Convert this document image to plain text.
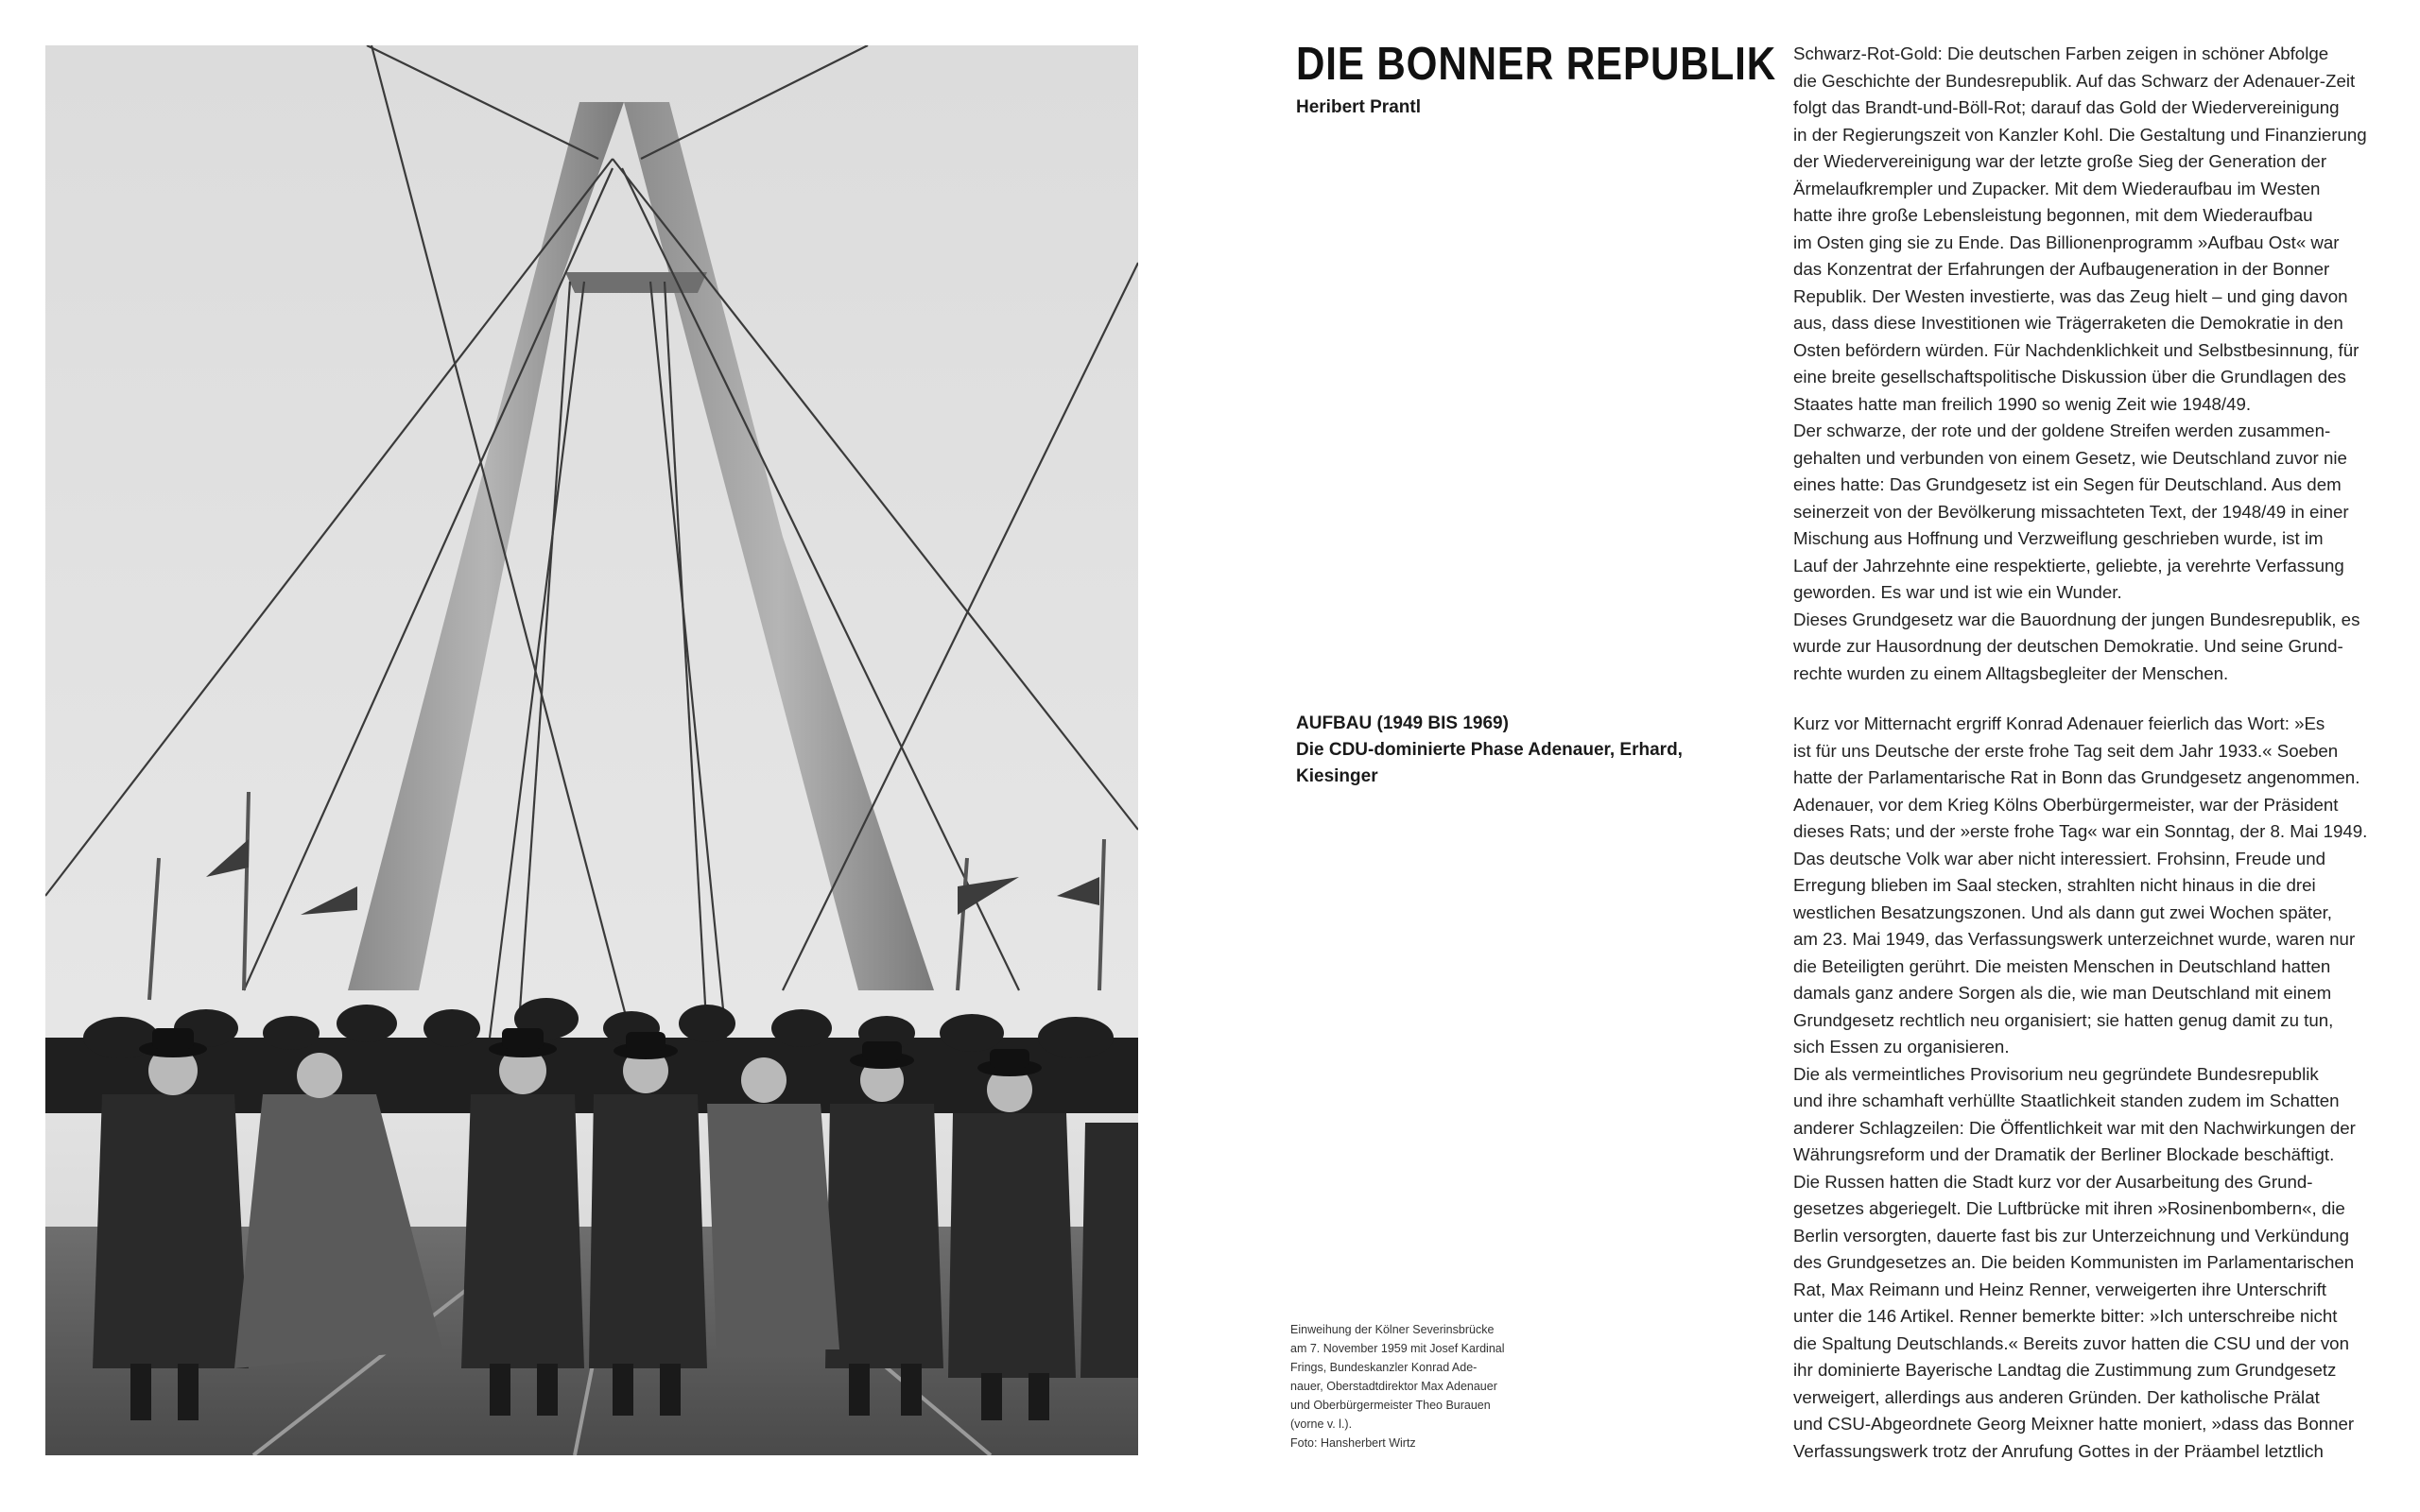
Einweihung der Kölner Severinsbrücke
am 7. November 1959 mit Josef Kardinal
Frings, Bundeskanzler Konrad Ade-
nauer, Oberstadtdirektor Max Adenauer
und Oberbürgermeister Theo Burauen
(vorne v. l.).
Foto: Hansherbert Wirtz
DIE BONNER REPUBLIK
Heribert Prantl
AUFBAU (1949 BIS 1969)
Die CDU-dominierte Phase Adenauer, Erhard,
Kiesinger
Schwarz-Rot-Gold: Die deutschen Farben zeigen in schöner Abfolge
die Geschichte der Bundesrepublik. Auf das Schwarz der Adenauer-Zeit
folgt das Brandt-und-Böll-Rot; darauf das Gold der Wiedervereinigung
in der Regierungszeit von Kanzler Kohl. Die Gestaltung und Finanzierung
der Wiedervereinigung war der letzte große Sieg der Generation der
Ärmelaufkrempler und Zupacker. Mit dem Wiederaufbau im Westen
hatte ihre große Lebensleistung begonnen, mit dem Wiederaufbau
im Osten ging sie zu Ende. Das Billionenprogramm »Aufbau Ost« war
das Konzentrat der Erfahrungen der Aufbaugeneration in der Bonner
Republik. Der Westen investierte, was das Zeug hielt – und ging davon
aus, dass diese Investitionen wie Trägerraketen die Demokratie in den
Osten befördern würden. Für Nachdenklichkeit und Selbstbesinnung, für
eine breite gesellschaftspolitische Diskussion über die Grundlagen des
Staates hatte man freilich 1990 so wenig Zeit wie 1948/49.
Der schwarze, der rote und der goldene Streifen werden zusammen-
gehalten und verbunden von einem Gesetz, wie Deutschland zuvor nie
eines hatte: Das Grundgesetz ist ein Segen für Deutschland. Aus dem
seinerzeit von der Bevölkerung missachteten Text, der 1948/49 in einer
Mischung aus Hoffnung und Verzweiflung geschrieben wurde, ist im
Lauf der Jahrzehnte eine respektierte, geliebte, ja verehrte Verfassung
geworden. Es war und ist wie ein Wunder.
Dieses Grundgesetz war die Bauordnung der jungen Bundesrepublik, es
wurde zur Hausordnung der deutschen Demokratie. Und seine Grund-
rechte wurden zu einem Alltagsbegleiter der Menschen.
Kurz vor Mitternacht ergriff Konrad Adenauer feierlich das Wort: »Es
ist für uns Deutsche der erste frohe Tag seit dem Jahr 1933.« Soeben
hatte der Parlamentarische Rat in Bonn das Grundgesetz angenommen.
Adenauer, vor dem Krieg Kölns Oberbürgermeister, war der Präsident
dieses Rats; und der »erste frohe Tag« war ein Sonntag, der 8. Mai 1949.
Das deutsche Volk war aber nicht interessiert. Frohsinn, Freude und
Erregung blieben im Saal stecken, strahlten nicht hinaus in die drei
westlichen Besatzungszonen. Und als dann gut zwei Wochen später,
am 23. Mai 1949, das Verfassungswerk unterzeichnet wurde, waren nur
die Beteiligten gerührt. Die meisten Menschen in Deutschland hatten
damals ganz andere Sorgen als die, wie man Deutschland mit einem
Grundgesetz rechtlich neu organisiert; sie hatten genug damit zu tun,
sich Essen zu organisieren.
Die als vermeintliches Provisorium neu gegründete Bundesrepublik
und ihre schamhaft verhüllte Staatlichkeit standen zudem im Schatten
anderer Schlagzeilen: Die Öffentlichkeit war mit den Nachwirkungen der
Währungsreform und der Dramatik der Berliner Blockade beschäftigt.
Die Russen hatten die Stadt kurz vor der Ausarbeitung des Grund-
gesetzes abgeriegelt. Die Luftbrücke mit ihren »Rosinenbombern«, die
Berlin versorgten, dauerte fast bis zur Unterzeichnung und Verkündung
des Grundgesetzes an. Die beiden Kommunisten im Parlamentarischen
Rat, Max Reimann und Heinz Renner, verweigerten ihre Unterschrift
unter die 146 Artikel. Renner bemerkte bitter: »Ich unterschreibe nicht
die Spaltung Deutschlands.« Bereits zuvor hatten die CSU und der von
ihr dominierte Bayerische Landtag die Zustimmung zum Grundgesetz
verweigert, allerdings aus anderen Gründen. Der katholische Prälat
und CSU-Abgeordnete Georg Meixner hatte moniert, »dass das Bonner
Verfassungswerk trotz der Anrufung Gottes in der Präambel letztlich
